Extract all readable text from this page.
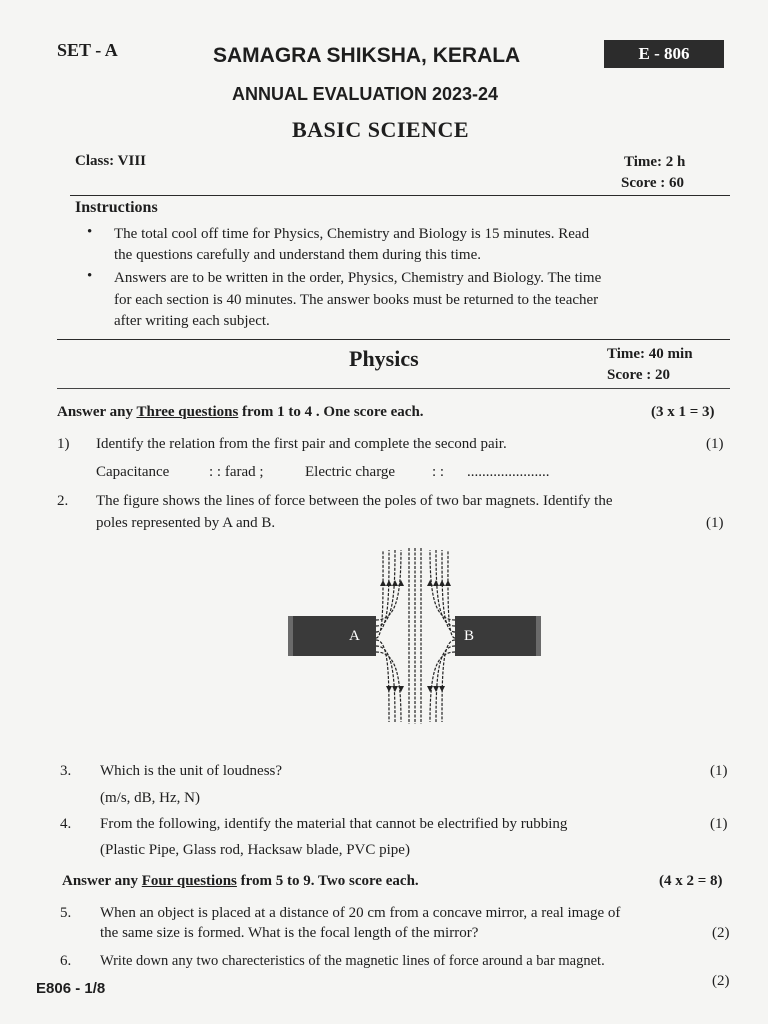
SET - A	SAMAGRA SHIKSHA, KERALA	E - 806
ANNUAL EVALUATION 2023-24
BASIC SCIENCE
Class: VIII	Time: 2 h
Score : 60
Instructions
• The total cool off time for Physics, Chemistry and Biology is 15 minutes. Read
the questions carefully and understand them during this time.
• Answers are to be written in the order, Physics, Chemistry and Biology. The time
for each section is 40 minutes. The answer books must be returned to the teacher
after writing each subject.
Physics	Time: 40 min
Score : 20
Answer any Three questions from 1 to 4 . One score each.	(3 x 1 = 3)
1) Identify the relation from the first pair and complete the second pair.	(1)
Capacitance	: : farad ;	Electric charge : : ......................
2. The figure shows the lines of force between the poles of two bar magnets. Identify the
poles represented by A and B.	(1)
A	B
3. Which is the unit of loudness?	(1)
(m/s, dB, Hz, N)
4. From the following, identify the material that cannot be electrified by rubbing	(1)
(Plastic Pipe, Glass rod, Hacksaw blade, PVC pipe)
Answer any Four questions from 5 to 9. Two score each.	(4 x 2 = 8)
5. When an object is placed at a distance of 20 cm from a concave mirror, a real image of
the same size is formed. What is the focal length of the mirror?	(2)
6. Write down any two charecteristics of the magnetic lines of force around a bar magnet.
(2)
E806 - 1/8
